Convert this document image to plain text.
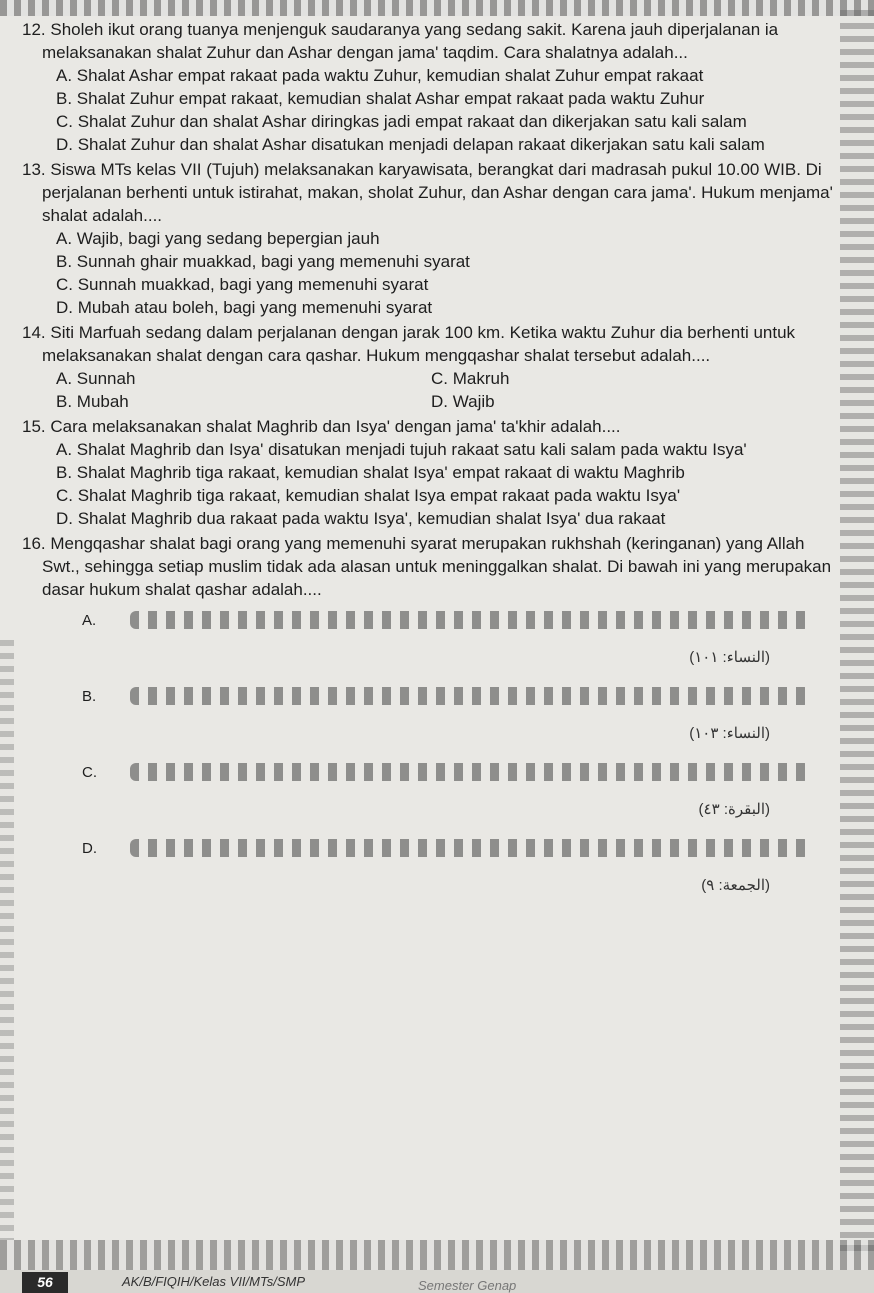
12. Sholeh ikut orang tuanya menjenguk saudaranya yang sedang sakit. Karena jauh diperjalanan ia melaksanakan shalat Zuhur dan Ashar dengan jama' taqdim. Cara shalatnya adalah...
A. Shalat Ashar empat rakaat pada waktu Zuhur, kemudian shalat Zuhur empat rakaat
B. Shalat Zuhur empat rakaat, kemudian shalat Ashar empat rakaat pada waktu Zuhur
C. Shalat Zuhur dan shalat Ashar diringkas jadi empat rakaat dan dikerjakan satu kali salam
D. Shalat Zuhur dan shalat Ashar disatukan menjadi delapan rakaat dikerjakan satu kali salam
13. Siswa MTs kelas VII (Tujuh) melaksanakan karyawisata, berangkat dari madrasah pukul 10.00 WIB. Di perjalanan berhenti untuk istirahat, makan, sholat Zuhur, dan Ashar dengan cara jama'. Hukum menjama' shalat adalah....
A. Wajib, bagi yang sedang bepergian jauh
B. Sunnah ghair muakkad, bagi yang memenuhi syarat
C. Sunnah muakkad, bagi yang memenuhi syarat
D. Mubah atau boleh, bagi yang memenuhi syarat
14. Siti Marfuah sedang dalam perjalanan dengan jarak 100 km. Ketika waktu Zuhur dia berhenti untuk melaksanakan shalat dengan cara qashar. Hukum mengqashar shalat tersebut adalah....
A. Sunnah	C. Makruh
B. Mubah	D. Wajib
15. Cara melaksanakan shalat Maghrib dan Isya' dengan jama' ta'khir adalah....
A. Shalat Maghrib dan Isya' disatukan menjadi tujuh rakaat satu kali salam pada waktu Isya'
B. Shalat Maghrib tiga rakaat, kemudian shalat Isya' empat rakaat di waktu Maghrib
C. Shalat Maghrib tiga rakaat, kemudian shalat Isya empat rakaat pada waktu Isya'
D. Shalat Maghrib dua rakaat pada waktu Isya', kemudian shalat Isya' dua rakaat
16. Mengqashar shalat bagi orang yang memenuhi syarat merupakan rukhshah (keringanan) yang Allah Swt., sehingga setiap muslim tidak ada alasan untuk meninggalkan shalat. Di bawah ini yang merupakan dasar hukum shalat qashar adalah....
A.
(النساء: ١٠١)
B.
(النساء: ١٠٣)
C.
(البقرة: ٤٣)
D.
(الجمعة: ٩)
56	AK/B/FIQIH/Kelas VII/MTs/SMP	Semester Genap
